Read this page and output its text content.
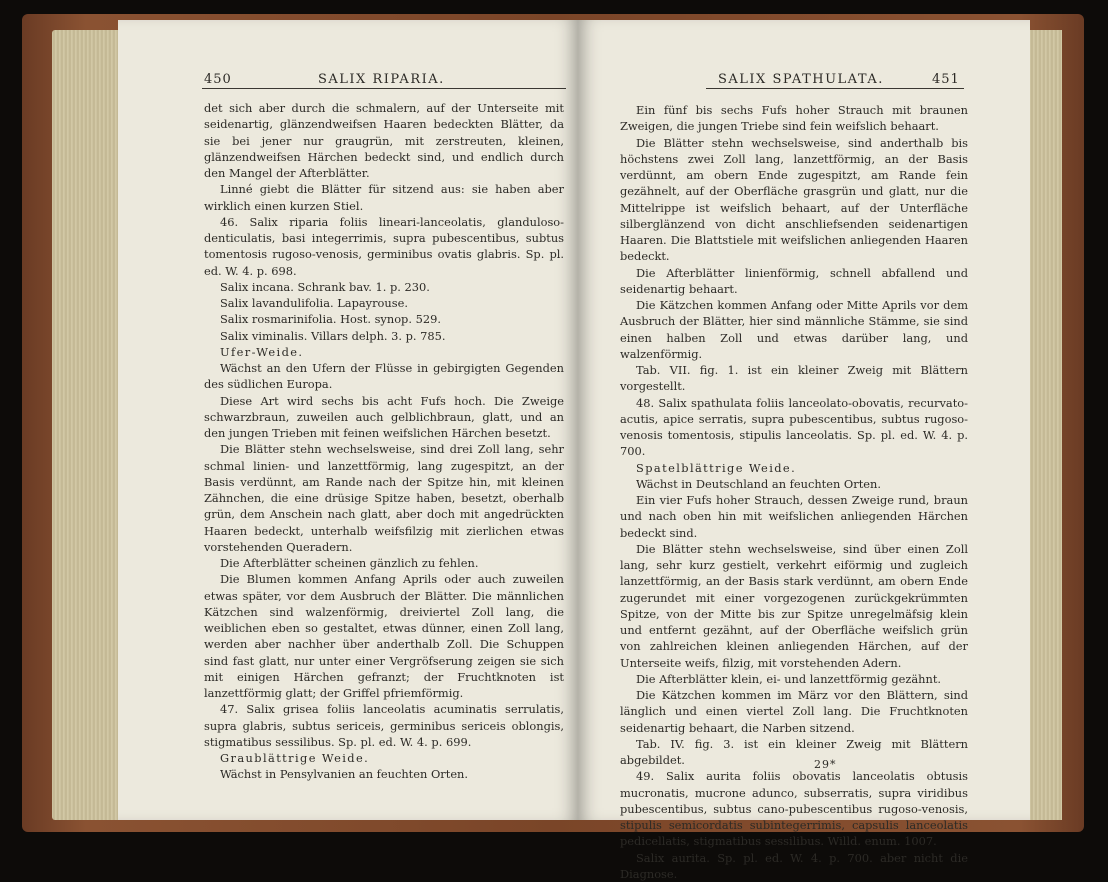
450	SALIX RIPARIA.

det sich aber durch die schmalern, auf der Unterseite mit seidenartig, glänzendweifsen Haaren bedeckten Blätter, da sie bei jener nur graugrün, mit zerstreuten, kleinen, glänzendweifsen Härchen bedeckt sind, und endlich durch den Mangel der Afterblätter.

Linné giebt die Blätter für sitzend aus: sie haben aber wirklich einen kurzen Stiel.

46. Salix riparia foliis lineari-lanceolatis, glanduloso-denticulatis, basi integerrimis, supra pubescentibus, subtus tomentosis rugoso-venosis, germinibus ovatis glabris. Sp. pl. ed. W. 4. p. 698.

Salix incana. Schrank bav. 1. p. 230.

Salix lavandulifolia. Lapayrouse.

Salix rosmarinifolia. Host. synop. 529.

Salix viminalis. Villars delph. 3. p. 785.

Ufer-Weide.

Wächst an den Ufern der Flüsse in gebirgigten Gegenden des südlichen Europa.

Diese Art wird sechs bis acht Fufs hoch. Die Zweige schwarzbraun, zuweilen auch gelblichbraun, glatt, und an den jungen Trieben mit feinen weifslichen Härchen besetzt.

Die Blätter stehn wechselsweise, sind drei Zoll lang, sehr schmal linien- und lanzettförmig, lang zugespitzt, an der Basis verdünnt, am Rande nach der Spitze hin, mit kleinen Zähnchen, die eine drüsige Spitze haben, besetzt, oberhalb grün, dem Anschein nach glatt, aber doch mit angedrückten Haaren bedeckt, unterhalb weifsfilzig mit zierlichen etwas vorstehenden Queradern.

Die Afterblätter scheinen gänzlich zu fehlen.

Die Blumen kommen Anfang Aprils oder auch zuweilen etwas später, vor dem Ausbruch der Blätter. Die männlichen Kätzchen sind walzenförmig, dreiviertel Zoll lang, die weiblichen eben so gestaltet, etwas dünner, einen Zoll lang, werden aber nachher über anderthalb Zoll. Die Schuppen sind fast glatt, nur unter einer Vergröfserung zeigen sie sich mit einigen Härchen gefranzt; der Fruchtknoten ist lanzettförmig glatt; der Griffel pfriemförmig.

47. Salix grisea foliis lanceolatis acuminatis serrulatis, supra glabris, subtus sericeis, germinibus sericeis oblongis, stigmatibus sessilibus. Sp. pl. ed. W. 4. p. 699.

Graublättrige Weide.

Wächst in Pensylvanien an feuchten Orten.

SALIX SPATHULATA.	451

Ein fünf bis sechs Fufs hoher Strauch mit braunen Zweigen, die jungen Triebe sind fein weifslich behaart.

Die Blätter stehn wechselsweise, sind anderthalb bis höchstens zwei Zoll lang, lanzettförmig, an der Basis verdünnt, am obern Ende zugespitzt, am Rande fein gezähnelt, auf der Oberfläche grasgrün und glatt, nur die Mittelrippe ist weifslich behaart, auf der Unterfläche silberglänzend von dicht anschliefsenden seidenartigen Haaren. Die Blattstiele mit weifslichen anliegenden Haaren bedeckt.

Die Afterblätter linienförmig, schnell abfallend und seidenartig behaart.

Die Kätzchen kommen Anfang oder Mitte Aprils vor dem Ausbruch der Blätter, hier sind männliche Stämme, sie sind einen halben Zoll und etwas darüber lang, und walzenförmig.

Tab. VII. fig. 1. ist ein kleiner Zweig mit Blättern vorgestellt.

48. Salix spathulata foliis lanceolato-obovatis, recurvato-acutis, apice serratis, supra pubescentibus, subtus rugoso-venosis tomentosis, stipulis lanceolatis. Sp. pl. ed. W. 4. p. 700.

Spatelblättrige Weide.

Wächst in Deutschland an feuchten Orten.

Ein vier Fufs hoher Strauch, dessen Zweige rund, braun und nach oben hin mit weifslichen anliegenden Härchen bedeckt sind.

Die Blätter stehn wechselsweise, sind über einen Zoll lang, sehr kurz gestielt, verkehrt eiförmig und zugleich lanzettförmig, an der Basis stark verdünnt, am obern Ende zugerundet mit einer vorgezogenen zurückgekrümmten Spitze, von der Mitte bis zur Spitze unregelmäfsig klein und entfernt gezähnt, auf der Oberfläche weifslich grün von zahlreichen kleinen anliegenden Härchen, auf der Unterseite weifs, filzig, mit vorstehenden Adern.

Die Afterblätter klein, ei- und lanzettförmig gezähnt.

Die Kätzchen kommen im März vor den Blättern, sind länglich und einen viertel Zoll lang. Die Fruchtknoten seidenartig behaart, die Narben sitzend.

Tab. IV. fig. 3. ist ein kleiner Zweig mit Blättern abgebildet.

49. Salix aurita foliis obovatis lanceolatis obtusis mucronatis, mucrone adunco, subserratis, supra viridibus pubescentibus, subtus cano-pubescentibus rugoso-venosis, stipulis semicordatis subintegerrimis, capsulis lanceolatis pedicellatis, stigmatibus sessilibus. Willd. enum. 1007.

Salix aurita. Sp. pl. ed. W. 4. p. 700. aber nicht die Diagnose.

29*
